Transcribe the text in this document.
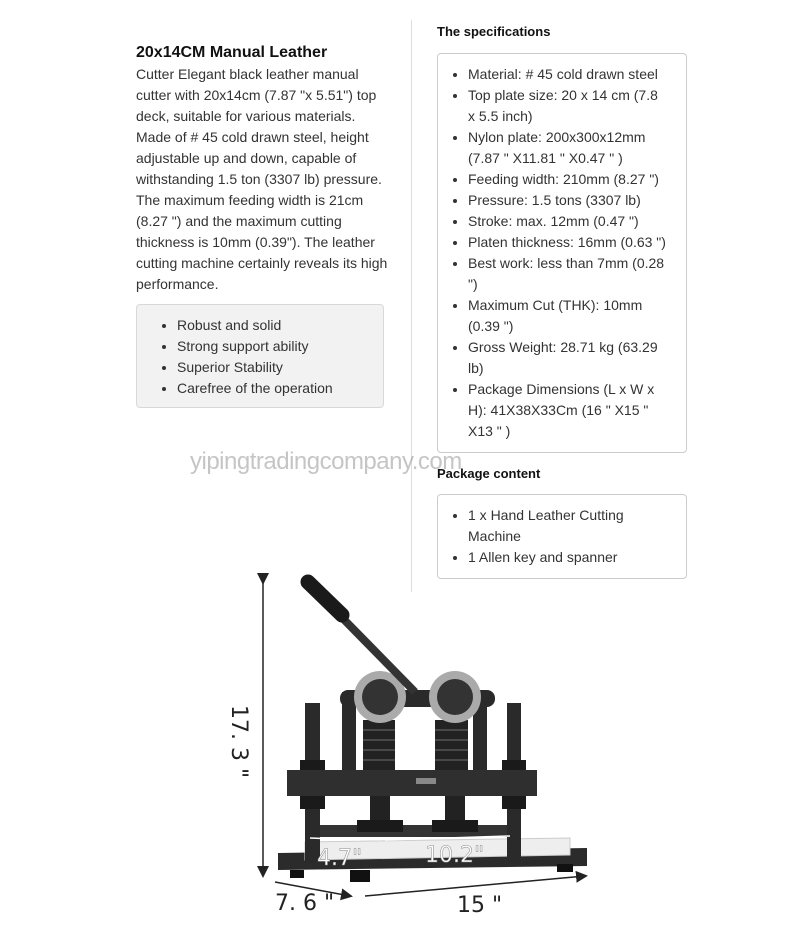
20x14CM Manual Leather

Cutter Elegant black leather manual cutter with 20x14cm (7.87 "x 5.51") top deck, suitable for various materials. Made of # 45 cold drawn steel, height adjustable up and down, capable of withstanding 1.5 ton (3307 lb) pressure. The maximum feeding width is 21cm (8.27 ") and the maximum cutting thickness is 10mm (0.39"). The leather cutting machine certainly reveals its high performance.

• Robust and solid
• Strong support ability
• Superior Stability
• Carefree of the operation
The specifications
• Material: # 45 cold drawn steel
• Top plate size: 20 x 14 cm (7.8 x 5.5 inch)
• Nylon plate: 200x300x12mm (7.87 " X11.81 " X0.47 " )
• Feeding width: 210mm (8.27 ")
• Pressure: 1.5 tons (3307 lb)
• Stroke: max. 12mm (0.47 ")
• Platen thickness: 16mm (0.63 ")
• Best work: less than 7mm (0.28 ")
• Maximum Cut (THK): 10mm (0.39 ")
• Gross Weight: 28.71 kg (63.29 lb)
• Package Dimensions (L x W x H): 41X38X33Cm (16 " X15 " X13 " )
yipingtradingcompany.com
Package content
• 1 x Hand Leather Cutting Machine
• 1 Allen key and spanner
17. 3 "
4.7"	10.2"
7. 6 "	15 "
